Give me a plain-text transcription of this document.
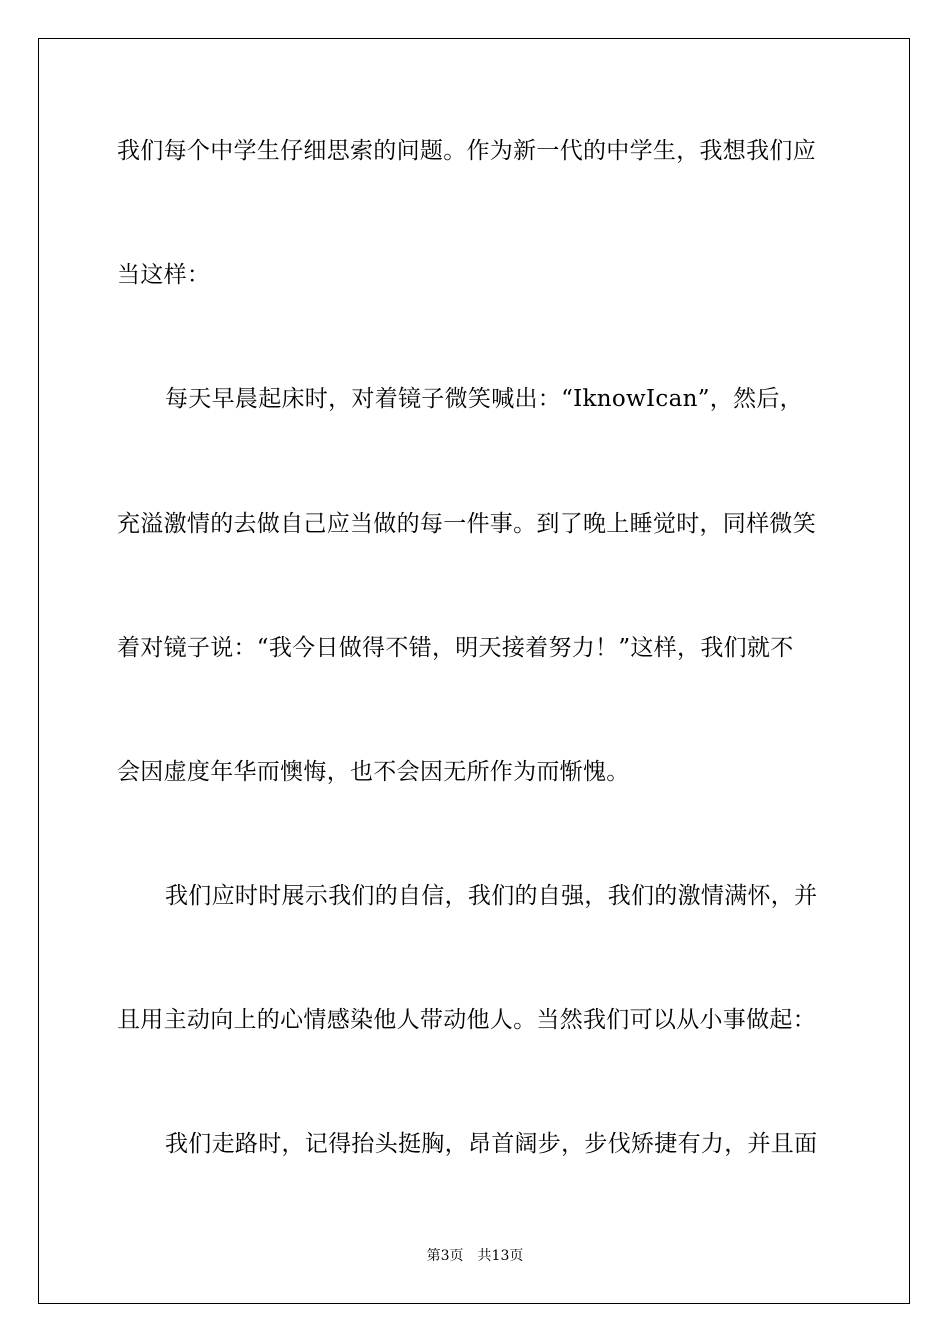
我们每个中学生仔细思索的问题。作为新一代的中学生，我想我们应
当这样：
每天早晨起床时，对着镜子微笑喊出：“IknowIcan”，然后，
充溢激情的去做自己应当做的每一件事。到了晚上睡觉时，同样微笑
着对镜子说：“我今日做得不错，明天接着努力！”这样，我们就不
会因虚度年华而懊悔，也不会因无所作为而惭愧。
我们应时时展示我们的自信，我们的自强，我们的激情满怀，并
且用主动向上的心情感染他人带动他人。当然我们可以从小事做起：
我们走路时，记得抬头挺胸，昂首阔步，步伐矫捷有力，并且面
第3页 共13页
